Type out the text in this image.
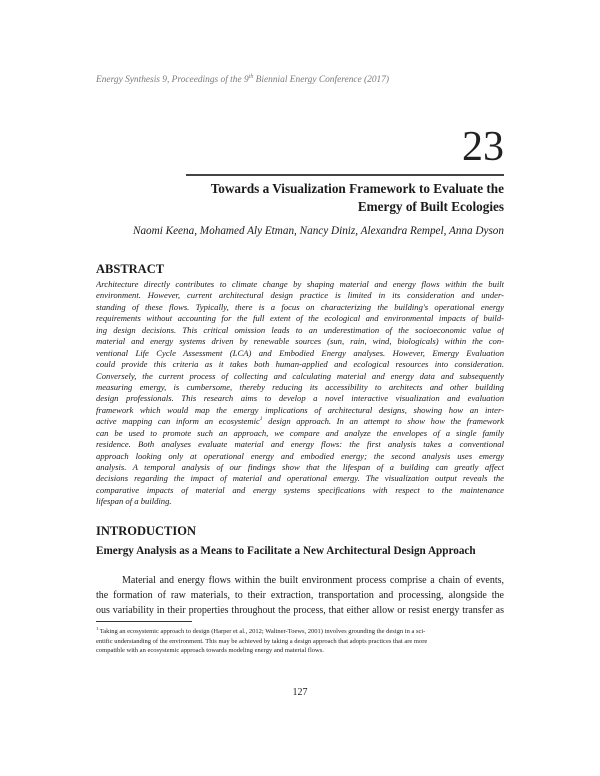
Energy Synthesis 9, Proceedings of the 9th Biennial Energy Conference (2017)
23
Towards a Visualization Framework to Evaluate the
Emergy of Built Ecologies
Naomi Keena, Mohamed Aly Etman, Nancy Diniz, Alexandra Rempel, Anna Dyson
ABSTRACT
Architecture directly contributes to climate change by shaping material and energy flows within the built
environment. However, current architectural design practice is limited in its consideration and under-
standing of these flows. Typically, there is a focus on characterizing the building's operational energy
requirements without accounting for the full extent of the ecological and environmental impacts of build-
ing design decisions. This critical omission leads to an underestimation of the socioeconomic value of
material and energy systems driven by renewable sources (sun, rain, wind, biologicals) within the con-
ventional Life Cycle Assessment (LCA) and Embodied Energy analyses. However, Emergy Evaluation
could provide this criteria as it takes both human-applied and ecological resources into consideration.
Conversely, the current process of collecting and calculating material and energy data and subsequently
measuring emergy, is cumbersome, thereby reducing its accessibility to architects and other building
design professionals. This research aims to develop a novel interactive visualization and evaluation
framework which would map the emergy implications of architectural designs, showing how an inter-
active mapping can inform an ecosystemic$^1$ design approach. In an attempt to show how the framework
can be used to promote such an approach, we compare and analyze the envelopes of a single family
residence. Both analyses evaluate material and energy flows: the first analysis takes a conventional
approach looking only at operational energy and embodied energy; the second analysis uses emergy
analysis. A temporal analysis of our findings show that the lifespan of a building can greatly affect
decisions regarding the impact of material and operational emergy. The visualization output reveals the
comparative impacts of material and energy systems specifications with respect to the maintenance
lifespan of a building.
INTRODUCTION
Emergy Analysis as a Means to Facilitate a New Architectural Design Approach
Material and energy flows within the built environment process comprise a chain of events,
the formation of raw materials, to their extraction, transportation and processing, alongside the
ous variability in their properties throughout the process, that either allow or resist energy transfer as
$^1$ Taking an ecosystemic approach to design (Harper et al., 2012; Waltner-Toews, 2001) involves grounding the design in a sci-
entific understanding of the environment. This may be achieved by taking a design approach that adopts practices that are more
compatible with an ecosystemic approach towards modeling energy and material flows.
127
